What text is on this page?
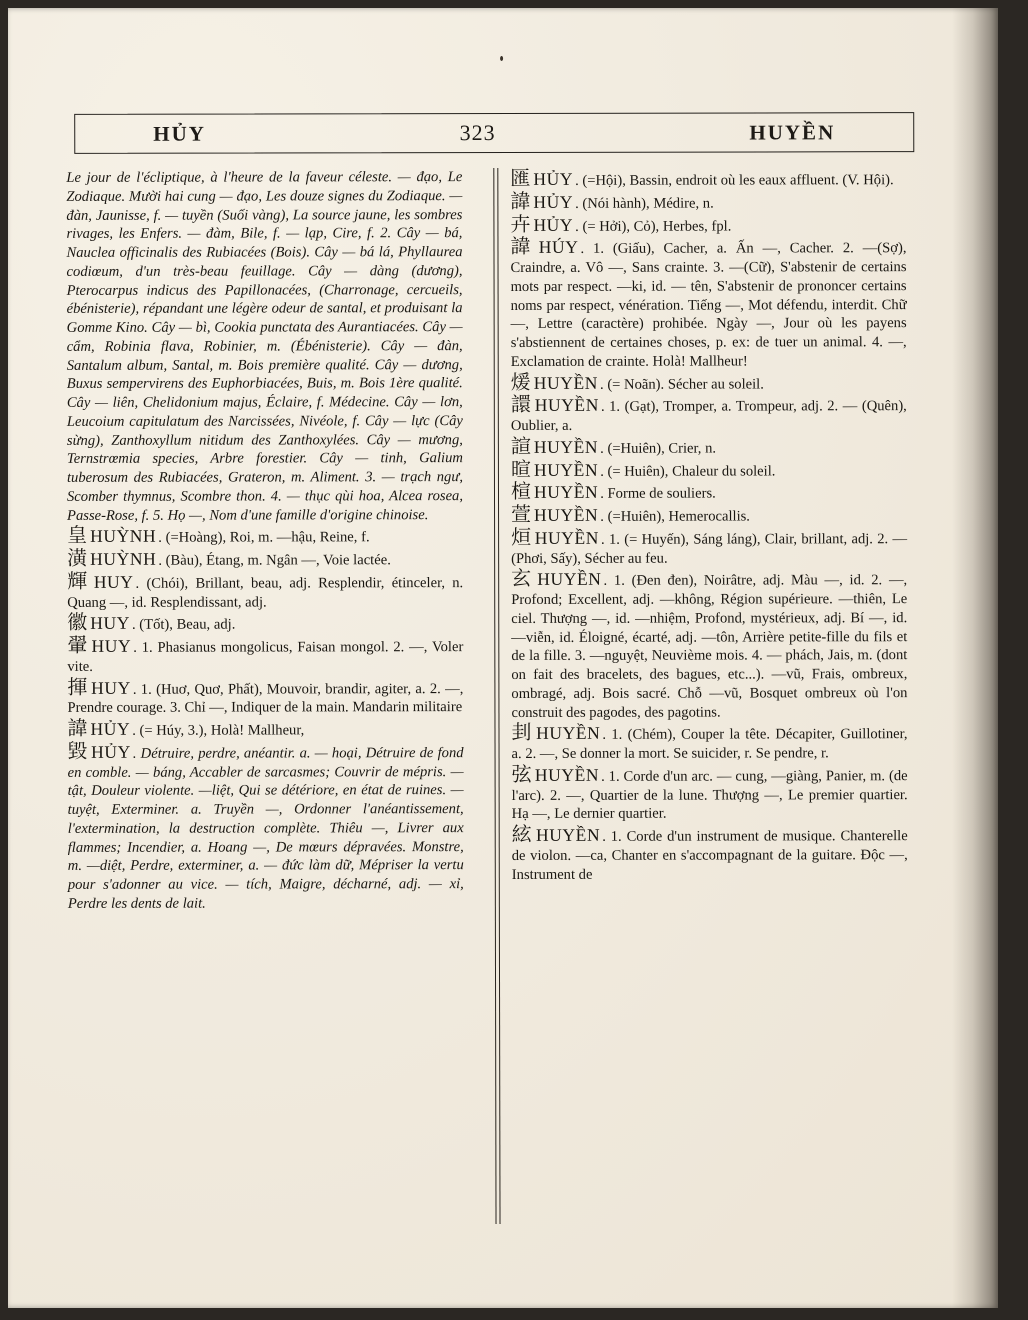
HỦY	323	HUYỀN

Le jour de l'écliptique, à l'heure de la faveur céleste. — đạo, Le Zodiaque. Mười hai cung — đạo, Les douze signes du Zodiaque. — đàn, Jaunisse, f. — tuyền (Suối vàng), La source jaune, les sombres rivages, les Enfers. — đàm, Bile, f. — lạp, Cire, f. 2. Cây — bá, Nauclea officinalis des Rubiacées (Bois). Cây — bá lá, Phyllaurea codiœum, d'un très-beau feuillage. Cây — dàng (dương), Pterocarpus indicus des Papillonacées, (Charronage, cercueils, ébénisterie), répandant une légère odeur de santal, et produisant la Gomme Kino. Cây — bì, Cookia punctata des Aurantiacées. Cây — cẩm, Robinia flava, Robinier, m. (Ébénisterie). Cây — đàn, Santalum album, Santal, m. Bois première qualité. Cây — dương, Buxus sempervirens des Euphorbiacées, Buis, m. Bois 1ère qualité. Cây — liên, Chelidonium majus, Éclaire, f. Médecine. Cây — lơn, Leucoium capitulatum des Narcissées, Nivéole, f. Cây — lực (Cây sừng), Zanthoxyllum nitidum des Zanthoxylées. Cây — mương, Ternstrœmia species, Arbre forestier. Cây — tinh, Galium tuberosum des Rubiacées, Grateron, m. Aliment. 3. — trạch ngư, Scomber thymnus, Scombre thon. 4. — thục qùi hoa, Alcea rosea, Passe-Rose, f. 5. Họ —, Nom d'une famille d'origine chinoise.

皇 HUỲNH . (=Hoàng), Roi, m. —hậu, Reine, f.

潢 HUỲNH . (Bàu), Étang, m. Ngân —, Voie lactée.

輝 HUY . (Chói), Brillant, beau, adj. Resplendir, étinceler, n. Quang —, id. Resplendissant, adj.

徽 HUY . (Tốt), Beau, adj.

翬 HUY . 1. Phasianus mongolicus, Faisan mongol. 2. —, Voler vite.

揮 HUY . 1. (Huơ, Quơ, Phất), Mouvoir, brandir, agiter, a. 2. —, Prendre courage. 3. Chỉ —, Indiquer de la main. Mandarin militaire

諱 HỦY . (= Húy, 3.), Holà! Mallheur,

毀 HỦY . Détruire, perdre, anéantir. a. — hoại, Détruire de fond en comble. — báng, Accabler de sarcasmes; Couvrir de mépris. —tật, Douleur violente. —liệt, Qui se détériore, en état de ruines. —tuyệt, Exterminer. a. Truyền —, Ordonner l'anéantissement, l'extermination, la destruction complète. Thiêu —, Livrer aux flammes; Incendier, a. Hoang —, De mœurs dépravées. Monstre, m. —diệt, Perdre, exterminer, a. — đức làm dữ, Mépriser la vertu pour s'adonner au vice. — tích, Maigre, décharné, adj. — xỉ, Perdre les dents de lait.

匯 HỦY . (=Hội), Bassin, endroit où les eaux affluent. (V. Hội).

諱 HỦY . (Nói hành), Médire, n.

卉 HỦY . (= Hởi), Cỏ), Herbes, fpl.

諱 HÚY . 1. (Giấu), Cacher, a. Ấn —, Cacher. 2. —(Sợ), Craindre, a. Vô —, Sans crainte. 3. —(Cữ), S'abstenir de certains mots par respect. —ki, id. — tên, S'abstenir de prononcer certains noms par respect, vénération. Tiếng —, Mot défendu, interdit. Chữ —, Lettre (caractère) prohibée. Ngày —, Jour où les payens s'abstiennent de certaines choses, p. ex: de tuer un animal. 4. —, Exclamation de crainte. Holà! Mallheur!

煖 HUYỀN . (= Noãn). Sécher au soleil.

譞 HUYỀN . 1. (Gạt), Tromper, a. Trompeur, adj. 2. — (Quên), Oublier, a.

諠 HUYỀN . (=Huiên), Crier, n.

暄 HUYỀN . (= Huiên), Chaleur du soleil.

楦 HUYỀN . Forme de souliers.

萱 HUYỀN . (=Huiên), Hemerocallis.

烜 HUYỀN . 1. (= Huyến), Sáng láng), Clair, brillant, adj. 2. — (Phơi, Sấy), Sécher au feu.

玄 HUYỀN . 1. (Đen đen), Noirâtre, adj. Màu —, id. 2. —, Profond; Excellent, adj. —không, Région supérieure. —thiên, Le ciel. Thượng —, id. —nhiệm, Profond, mystérieux, adj. Bí —, id. —viễn, id. Éloigné, écarté, adj. —tôn, Arrière petite-fille du fils et de la fille. 3. —nguyệt, Neuvième mois. 4. — phách, Jais, m. (dont on fait des bracelets, des bagues, etc...). —vũ, Frais, ombreux, ombragé, adj. Bois sacré. Chỗ —vũ, Bosquet ombreux où l'on construit des pagodes, des pagotins.

刲 HUYỀN . 1. (Chém), Couper la tête. Décapiter, Guillotiner, a. 2. —, Se donner la mort. Se suicider, r. Se pendre, r.

弦 HUYỀN . 1. Corde d'un arc. — cung, —giàng, Panier, m. (de l'arc). 2. —, Quartier de la lune. Thượng —, Le premier quartier. Hạ —, Le dernier quartier.

絃 HUYỀN . 1. Corde d'un instrument de musique. Chanterelle de violon. —ca, Chanter en s'accompagnant de la guitare. Độc —, Instrument de
